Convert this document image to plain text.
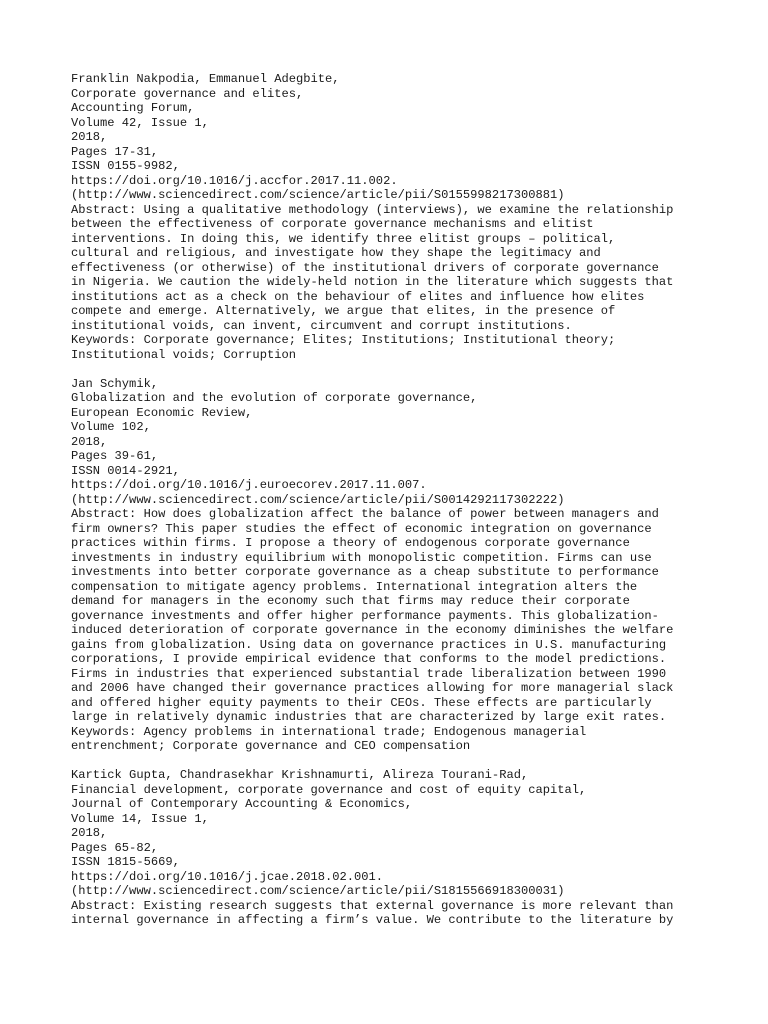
Franklin Nakpodia, Emmanuel Adegbite,
Corporate governance and elites,
Accounting Forum,
Volume 42, Issue 1,
2018,
Pages 17-31,
ISSN 0155-9982,
https://doi.org/10.1016/j.accfor.2017.11.002.
(http://www.sciencedirect.com/science/article/pii/S0155998217300881)
Abstract: Using a qualitative methodology (interviews), we examine the relationship
between the effectiveness of corporate governance mechanisms and elitist
interventions. In doing this, we identify three elitist groups – political,
cultural and religious, and investigate how they shape the legitimacy and
effectiveness (or otherwise) of the institutional drivers of corporate governance
in Nigeria. We caution the widely-held notion in the literature which suggests that
institutions act as a check on the behaviour of elites and influence how elites
compete and emerge. Alternatively, we argue that elites, in the presence of
institutional voids, can invent, circumvent and corrupt institutions.
Keywords: Corporate governance; Elites; Institutions; Institutional theory;
Institutional voids; Corruption
Jan Schymik,
Globalization and the evolution of corporate governance,
European Economic Review,
Volume 102,
2018,
Pages 39-61,
ISSN 0014-2921,
https://doi.org/10.1016/j.euroecorev.2017.11.007.
(http://www.sciencedirect.com/science/article/pii/S0014292117302222)
Abstract: How does globalization affect the balance of power between managers and
firm owners? This paper studies the effect of economic integration on governance
practices within firms. I propose a theory of endogenous corporate governance
investments in industry equilibrium with monopolistic competition. Firms can use
investments into better corporate governance as a cheap substitute to performance
compensation to mitigate agency problems. International integration alters the
demand for managers in the economy such that firms may reduce their corporate
governance investments and offer higher performance payments. This globalization-
induced deterioration of corporate governance in the economy diminishes the welfare
gains from globalization. Using data on governance practices in U.S. manufacturing
corporations, I provide empirical evidence that conforms to the model predictions.
Firms in industries that experienced substantial trade liberalization between 1990
and 2006 have changed their governance practices allowing for more managerial slack
and offered higher equity payments to their CEOs. These effects are particularly
large in relatively dynamic industries that are characterized by large exit rates.
Keywords: Agency problems in international trade; Endogenous managerial
entrenchment; Corporate governance and CEO compensation
Kartick Gupta, Chandrasekhar Krishnamurti, Alireza Tourani-Rad,
Financial development, corporate governance and cost of equity capital,
Journal of Contemporary Accounting & Economics,
Volume 14, Issue 1,
2018,
Pages 65-82,
ISSN 1815-5669,
https://doi.org/10.1016/j.jcae.2018.02.001.
(http://www.sciencedirect.com/science/article/pii/S1815566918300031)
Abstract: Existing research suggests that external governance is more relevant than
internal governance in affecting a firm’s value. We contribute to the literature by
